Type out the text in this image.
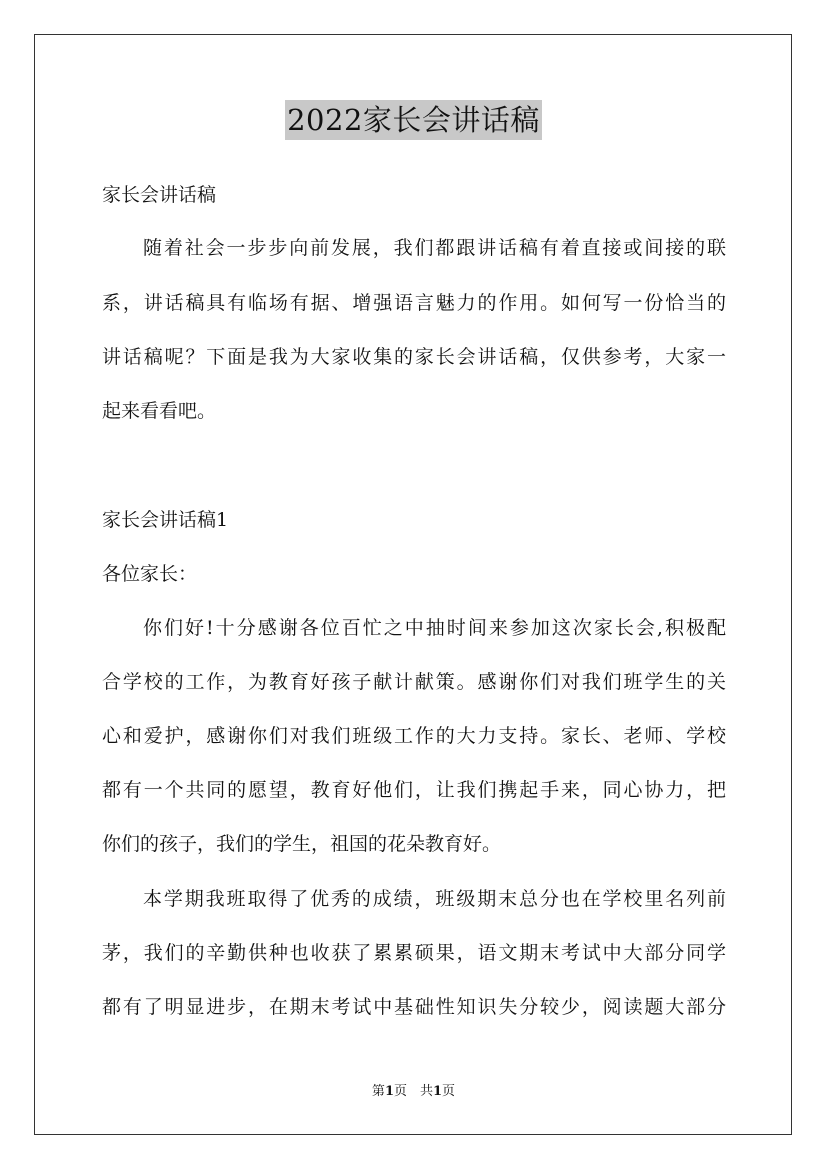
2022家长会讲话稿
家长会讲话稿
随着社会一步步向前发展，我们都跟讲话稿有着直接或间接的联
系，讲话稿具有临场有据、增强语言魅力的作用。如何写一份恰当的
讲话稿呢？下面是我为大家收集的家长会讲话稿，仅供参考，大家一
起来看看吧。
家长会讲话稿1
各位家长：
你们好!十分感谢各位百忙之中抽时间来参加这次家长会,积极配
合学校的工作，为教育好孩子献计献策。感谢你们对我们班学生的关
心和爱护，感谢你们对我们班级工作的大力支持。家长、老师、学校
都有一个共同的愿望，教育好他们，让我们携起手来，同心协力，把
你们的孩子，我们的学生，祖国的花朵教育好。
本学期我班取得了优秀的成绩，班级期末总分也在学校里名列前
茅，我们的辛勤供种也收获了累累硕果，语文期末考试中大部分同学
都有了明显进步，在期末考试中基础性知识失分较少，阅读题大部分
第1页　共1页
